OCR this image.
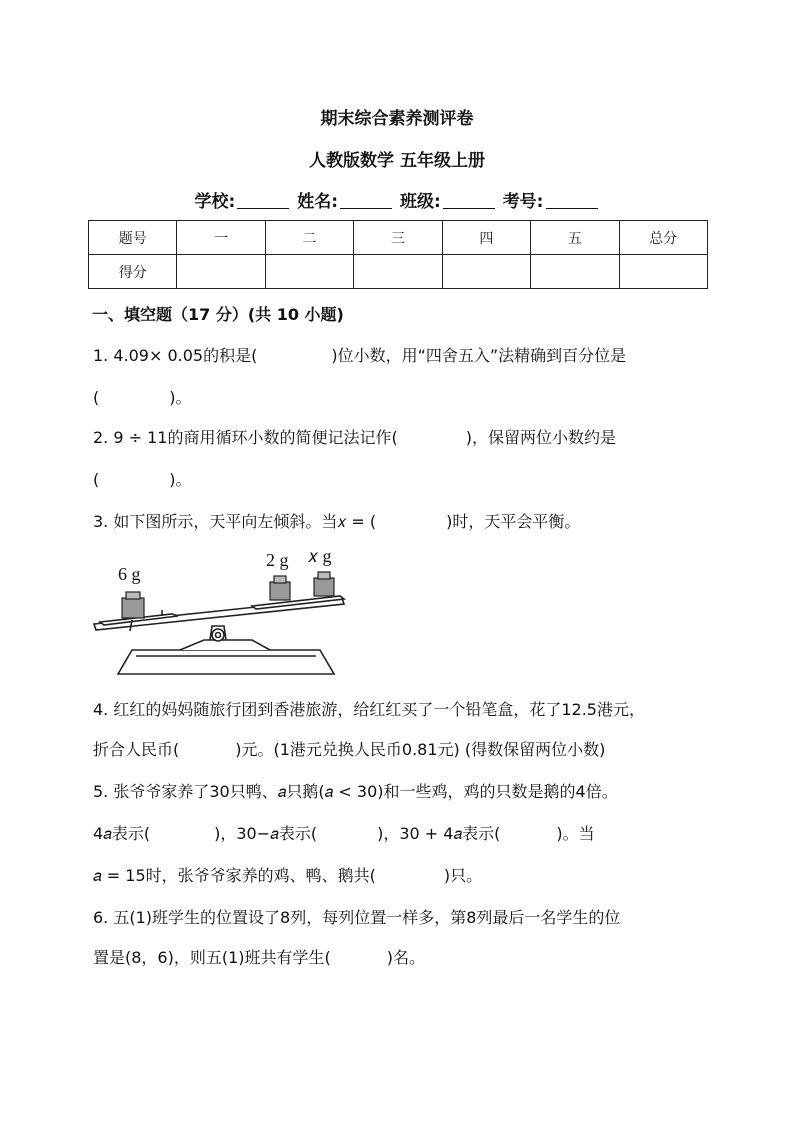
期末综合素养测评卷
人教版数学 五年级上册
学校:	姓名:	班级:	考号:
题号	一	二	三	四	五	总分
得分						
一、填空题（17 分）(共 10 小题)
1. 4.09× 0.05的积是(	)位小数，用“四舍五入”法精确到百分位是
(	)。
2. 9 ÷ 11的商用循环小数的简便记法记作(	)，保留两位小数约是
(	)。
3. 如下图所示，天平向左倾斜。当𝑥 = (	)时，天平会平衡。
6 g
2 g 𝑥 g
4. 红红的妈妈随旅行团到香港旅游，给红红买了一个铅笔盒，花了12.5港元，
折合人民币(	)元。(1港元兑换人民币0.81元) (得数保留两位小数)
5. 张爷爷家养了30只鸭、𝑎只鹅(𝑎 < 30)和一些鸡，鸡的只数是鹅的4倍。
4𝑎表示(	)，30−𝑎表示(	)，30 + 4𝑎表示(	)。当
𝑎 = 15时，张爷爷家养的鸡、鸭、鹅共(	)只。
6. 五(1)班学生的位置设了8列，每列位置一样多，第8列最后一名学生的位
置是(8，6)，则五(1)班共有学生(	)名。
